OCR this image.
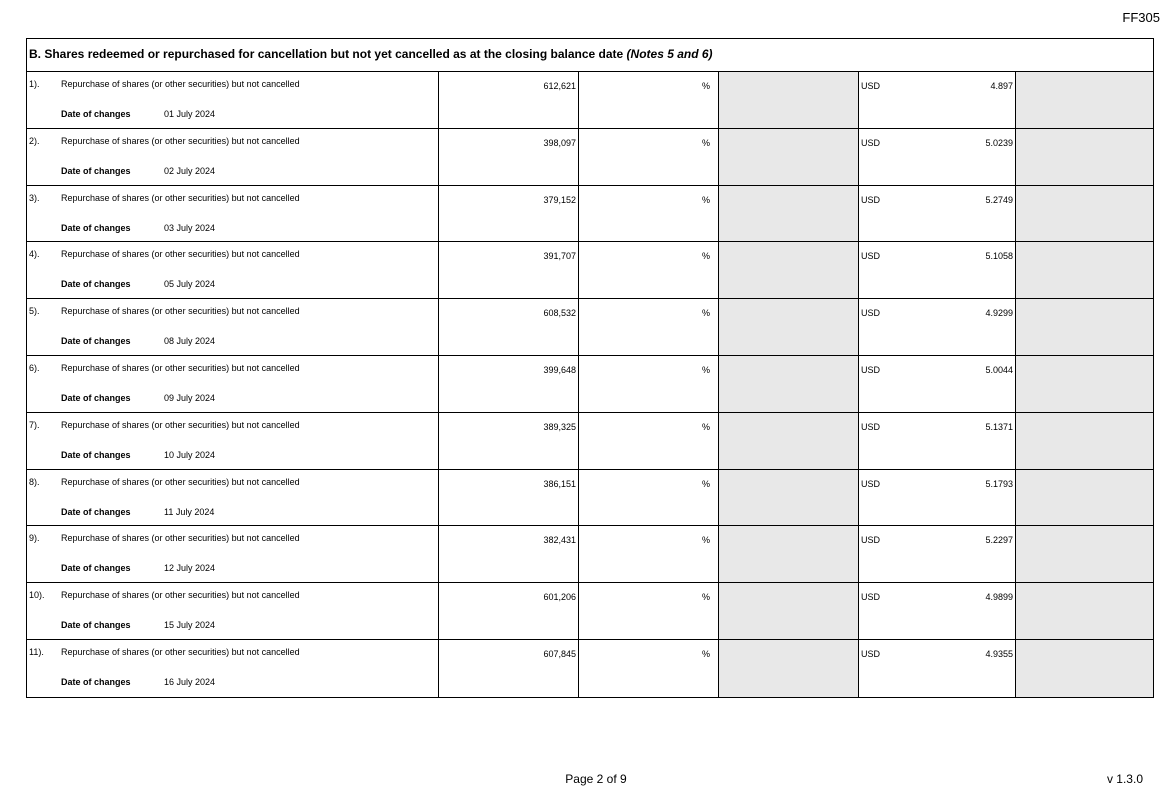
FF305
B. Shares redeemed or repurchased for cancellation but not yet cancelled as at the closing balance date (Notes 5 and 6)
1). Repurchase of shares (or other securities) but not cancelled
Date of changes	01 July 2024
612,621	%	USD	4.897
2). Repurchase of shares (or other securities) but not cancelled
Date of changes	02 July 2024
398,097	%	USD	5.0239
3). Repurchase of shares (or other securities) but not cancelled
Date of changes	03 July 2024
379,152	%	USD	5.2749
4). Repurchase of shares (or other securities) but not cancelled
Date of changes	05 July 2024
391,707	%	USD	5.1058
5). Repurchase of shares (or other securities) but not cancelled
Date of changes	08 July 2024
608,532	%	USD	4.9299
6). Repurchase of shares (or other securities) but not cancelled
Date of changes	09 July 2024
399,648	%	USD	5.0044
7). Repurchase of shares (or other securities) but not cancelled
Date of changes	10 July 2024
389,325	%	USD	5.1371
8). Repurchase of shares (or other securities) but not cancelled
Date of changes	11 July 2024
386,151	%	USD	5.1793
9). Repurchase of shares (or other securities) but not cancelled
Date of changes	12 July 2024
382,431	%	USD	5.2297
10). Repurchase of shares (or other securities) but not cancelled
Date of changes	15 July 2024
601,206	%	USD	4.9899
11). Repurchase of shares (or other securities) but not cancelled
Date of changes	16 July 2024
607,845	%	USD	4.9355
Page 2 of 9	v 1.3.0
